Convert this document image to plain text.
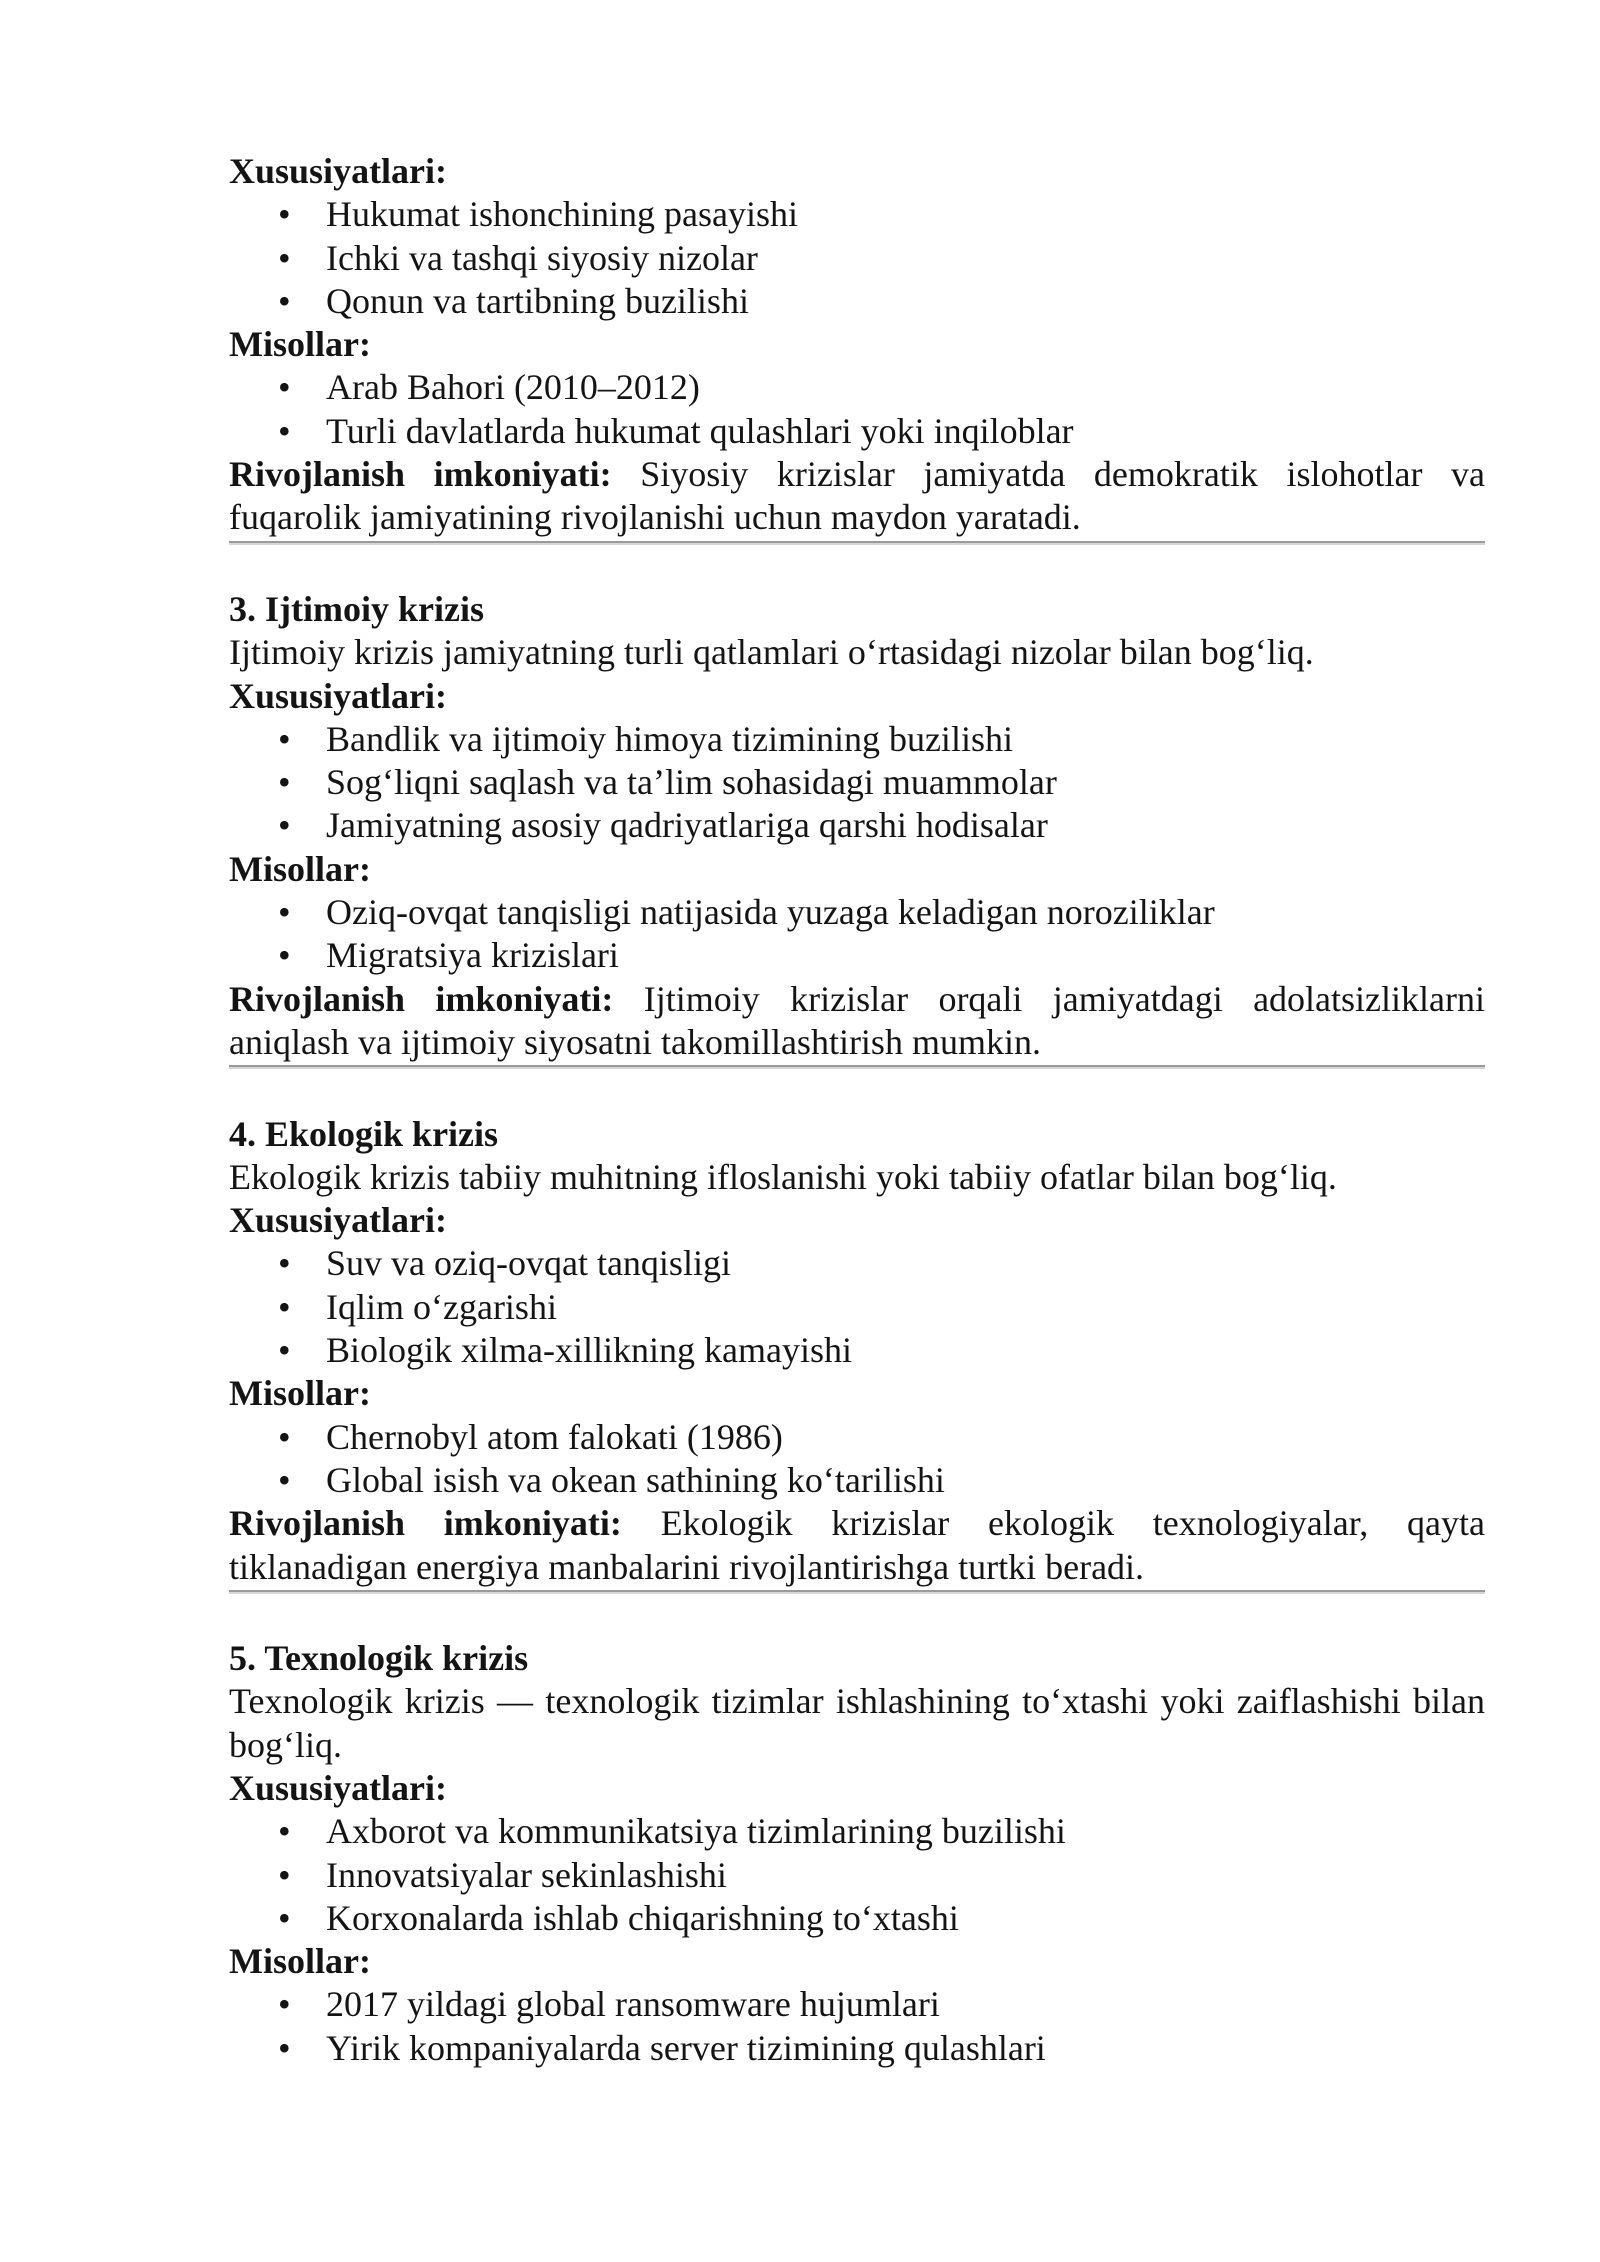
Xususiyatlari:

• Hukumat ishonchining pasayishi
• Ichki va tashqi siyosiy nizolar
• Qonun va tartibning buzilishi

Misollar:

• Arab Bahori (2010–2012)
• Turli davlatlarda hukumat qulashlari yoki inqiloblar

Rivojlanish imkoniyati: Siyosiy krizislar jamiyatda demokratik islohotlar va fuqarolik jamiyatining rivojlanishi uchun maydon yaratadi.

3. Ijtimoiy krizis

Ijtimoiy krizis jamiyatning turli qatlamlari o‘rtasidagi nizolar bilan bog‘liq.

Xususiyatlari:

• Bandlik va ijtimoiy himoya tizimining buzilishi
• Sog‘liqni saqlash va ta’lim sohasidagi muammolar
• Jamiyatning asosiy qadriyatlariga qarshi hodisalar

Misollar:

• Oziq-ovqat tanqisligi natijasida yuzaga keladigan noroziliklar
• Migratsiya krizislari

Rivojlanish imkoniyati: Ijtimoiy krizislar orqali jamiyatdagi adolatsizliklarni aniqlash va ijtimoiy siyosatni takomillashtirish mumkin.

4. Ekologik krizis

Ekologik krizis tabiiy muhitning ifloslanishi yoki tabiiy ofatlar bilan bog‘liq.

Xususiyatlari:

• Suv va oziq-ovqat tanqisligi
• Iqlim o‘zgarishi
• Biologik xilma-xillikning kamayishi

Misollar:

• Chernobyl atom falokati (1986)
• Global isish va okean sathining ko‘tarilishi

Rivojlanish imkoniyati: Ekologik krizislar ekologik texnologiyalar, qayta tiklanadigan energiya manbalarini rivojlantirishga turtki beradi.

5. Texnologik krizis

Texnologik krizis — texnologik tizimlar ishlashining to‘xtashi yoki zaiflashishi bilan bog‘liq.

Xususiyatlari:

• Axborot va kommunikatsiya tizimlarining buzilishi
• Innovatsiyalar sekinlashishi
• Korxonalarda ishlab chiqarishning to‘xtashi

Misollar:

• 2017 yildagi global ransomware hujumlari
• Yirik kompaniyalarda server tizimining qulashlari
